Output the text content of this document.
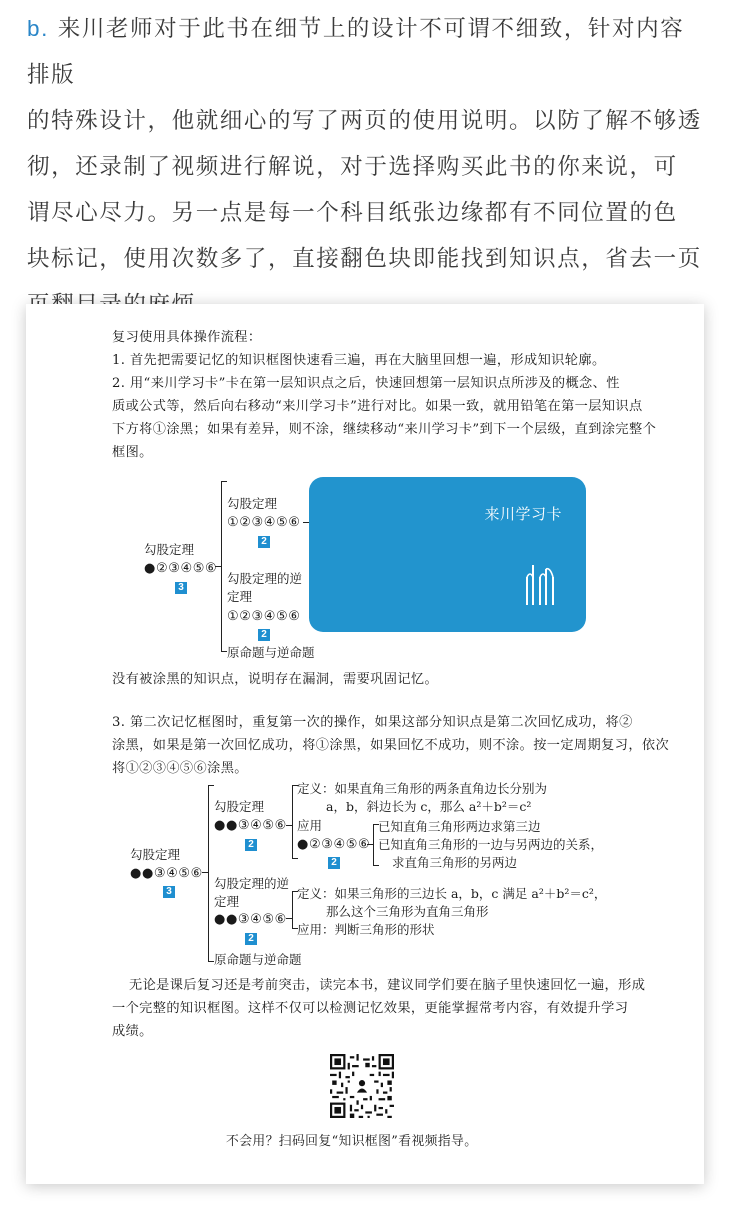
b. 来川老师对于此书在细节上的设计不可谓不细致，针对内容排版
的特殊设计，他就细心的写了两页的使用说明。以防了解不够透
彻，还录制了视频进行解说，对于选择购买此书的你来说，可
谓尽心尽力。另一点是每一个科目纸张边缘都有不同位置的色
块标记，使用次数多了，直接翻色块即能找到知识点，省去一页
复习使用具体操作流程：
1. 首先把需要记忆的知识框图快速看三遍，再在大脑里回想一遍，形成知识轮廓。
2. 用“来川学习卡”卡在第一层知识点之后，快速回想第一层知识点所涉及的概念、性
质或公式等，然后向右移动“来川学习卡”进行对比。如果一致，就用铅笔在第一层知识点
下方将①涂黑；如果有差异，则不涂，继续移动“来川学习卡”到下一个层级，直到涂完整个
框图。
勾股定理
●②③④⑤⑥
3
勾股定理
①②③④⑤⑥
2
勾股定理的逆
定理
①②③④⑤⑥
2
原命题与逆命题
来川学习卡
没有被涂黑的知识点，说明存在漏洞，需要巩固记忆。
3. 第二次记忆框图时，重复第一次的操作，如果这部分知识点是第二次回忆成功，将②
涂黑，如果是第一次回忆成功，将①涂黑，如果回忆不成功，则不涂。按一定周期复习，依次
将①②③④⑤⑥涂黑。
勾股定理
●●③④⑤⑥
3
勾股定理
●●③④⑤⑥
2
定义：如果直角三角形的两条直角边长分别为
a，b，斜边长为 c，那么 a²＋b²＝c²
应用
●②③④⑤⑥
2
已知直角三角形两边求第三边
已知直角三角形的一边与另两边的关系，
求直角三角形的另两边
勾股定理的逆
定理
●●③④⑤⑥
2
定义：如果三角形的三边长 a，b，c 满足 a²＋b²＝c²，
那么这个三角形为直角三角形
应用：判断三角形的形状
原命题与逆命题
无论是课后复习还是考前突击，读完本书，建议同学们要在脑子里快速回忆一遍，形成
一个完整的知识框图。这样不仅可以检测记忆效果，更能掌握常考内容，有效提升学习
成绩。
不会用？扫码回复“知识框图”看视频指导。
